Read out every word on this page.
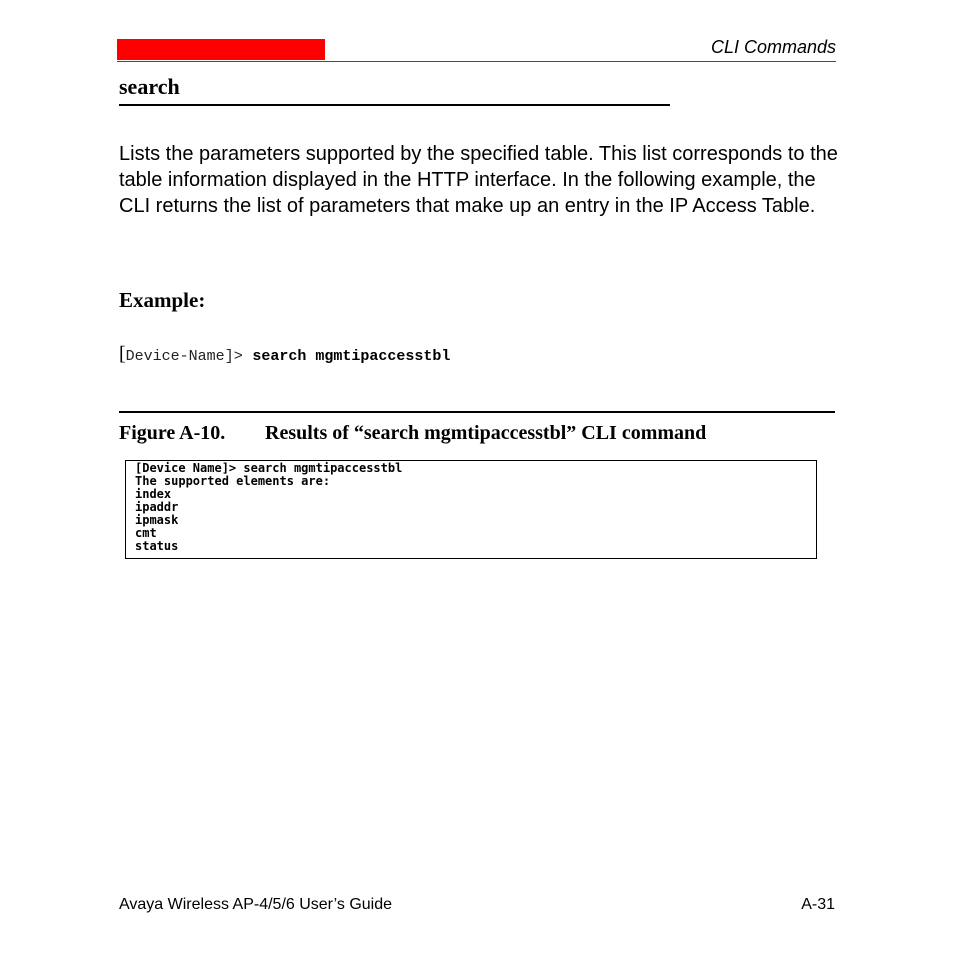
CLI Commands
search

Lists the parameters supported by the specified table. This list corresponds to the table information displayed in the HTTP interface. In the following example, the CLI returns the list of parameters that make up an entry in the IP Access Table.

Example:
[Device-Name]> search mgmtipaccesstbl
Figure A-10. Results of “search mgmtipaccesstbl” CLI command
[Device Name]> search mgmtipaccesstbl
The supported elements are:
index
ipaddr
ipmask
cmt
status
Avaya Wireless AP-4/5/6 User’s Guide	A-31
